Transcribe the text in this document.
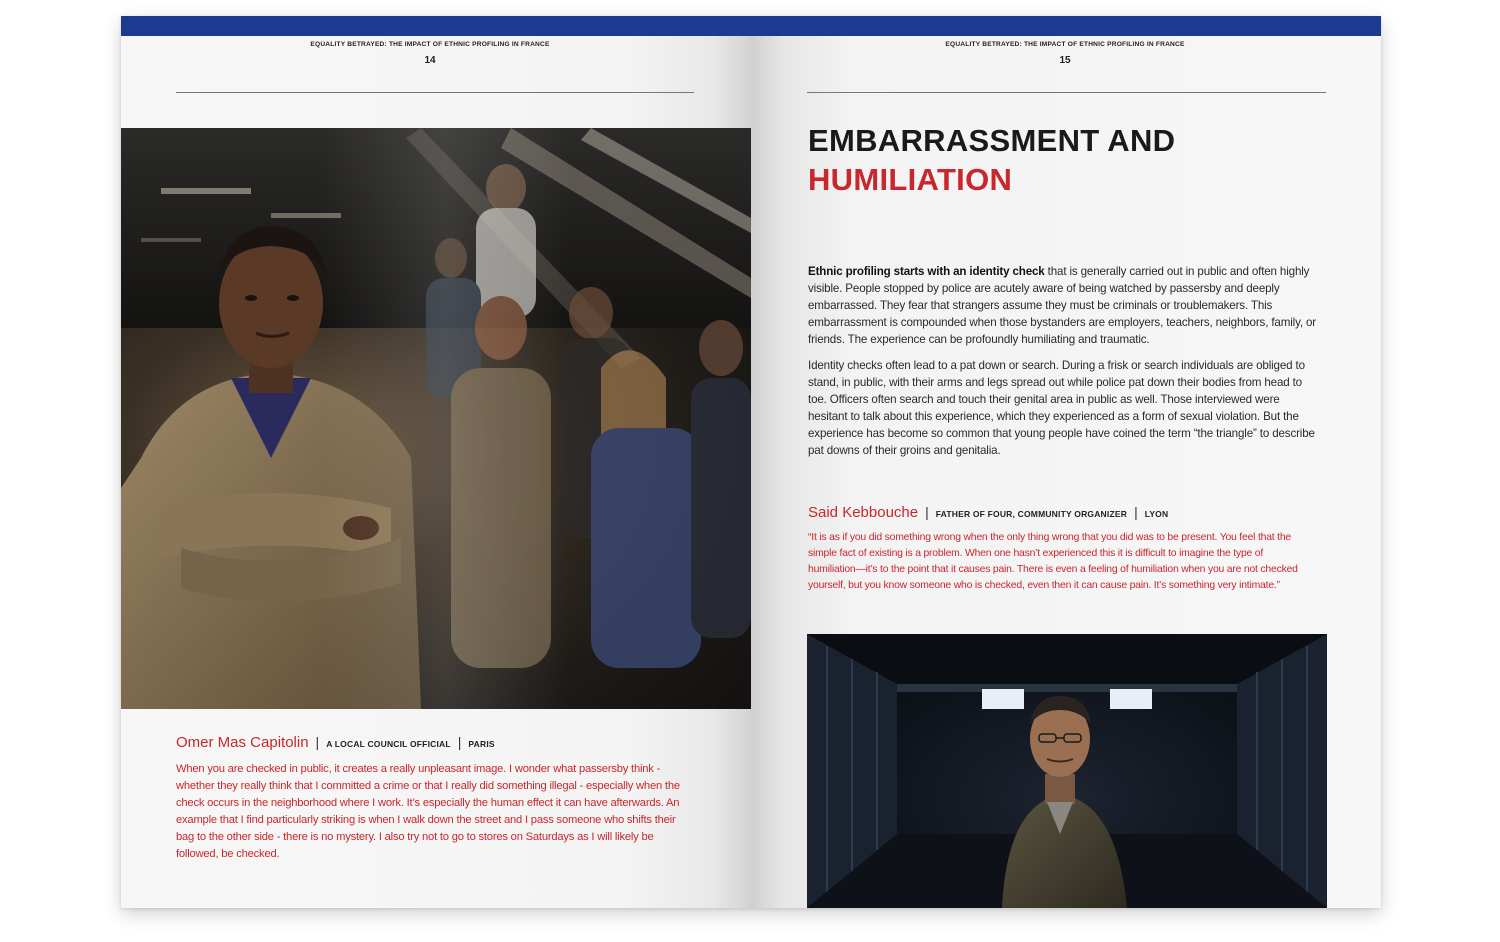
EQUALITY BETRAYED: THE IMPACT OF ETHNIC PROFILING IN FRANCE
14
Omer Mas Capitolin | A LOCAL COUNCIL OFFICIAL | PARIS

When you are checked in public, it creates a really unpleasant image. I wonder what passersby think - whether they really think that I committed a crime or that I really did something illegal - especially when the check occurs in the neighborhood where I work. It’s especially the human effect it can have afterwards. An example that I find particularly striking is when I walk down the street and I pass someone who shifts their bag to the other side - there is no mystery. I also try not to go to stores on Saturdays as I will likely be followed, be checked.

EQUALITY BETRAYED: THE IMPACT OF ETHNIC PROFILING IN FRANCE
15
EMBARRASSMENT AND
HUMILIATION

Ethnic profiling starts with an identity check that is generally carried out in public and often highly visible. People stopped by police are acutely aware of being watched by passersby and deeply embarrassed. They fear that strangers assume they must be criminals or troublemakers. This embarrassment is compounded when those bystanders are employers, teachers, neighbors, family, or friends. The experience can be profoundly humiliating and traumatic.

Identity checks often lead to a pat down or search. During a frisk or search individuals are obliged to stand, in public, with their arms and legs spread out while police pat down their bodies from head to toe. Officers often search and touch their genital area in public as well. Those interviewed were hesitant to talk about this experience, which they experienced as a form of sexual violation. But the experience has become so common that young people have coined the term “the triangle” to describe pat downs of their groins and genitalia.

Said Kebbouche | FATHER OF FOUR, COMMUNITY ORGANIZER | LYON

“It is as if you did something wrong when the only thing wrong that you did was to be present. You feel that the simple fact of existing is a problem. When one hasn’t experienced this it is difficult to imagine the type of humiliation—it’s to the point that it causes pain. There is even a feeling of humiliation when you are not checked yourself, but you know someone who is checked, even then it can cause pain. It’s something very intimate.”
